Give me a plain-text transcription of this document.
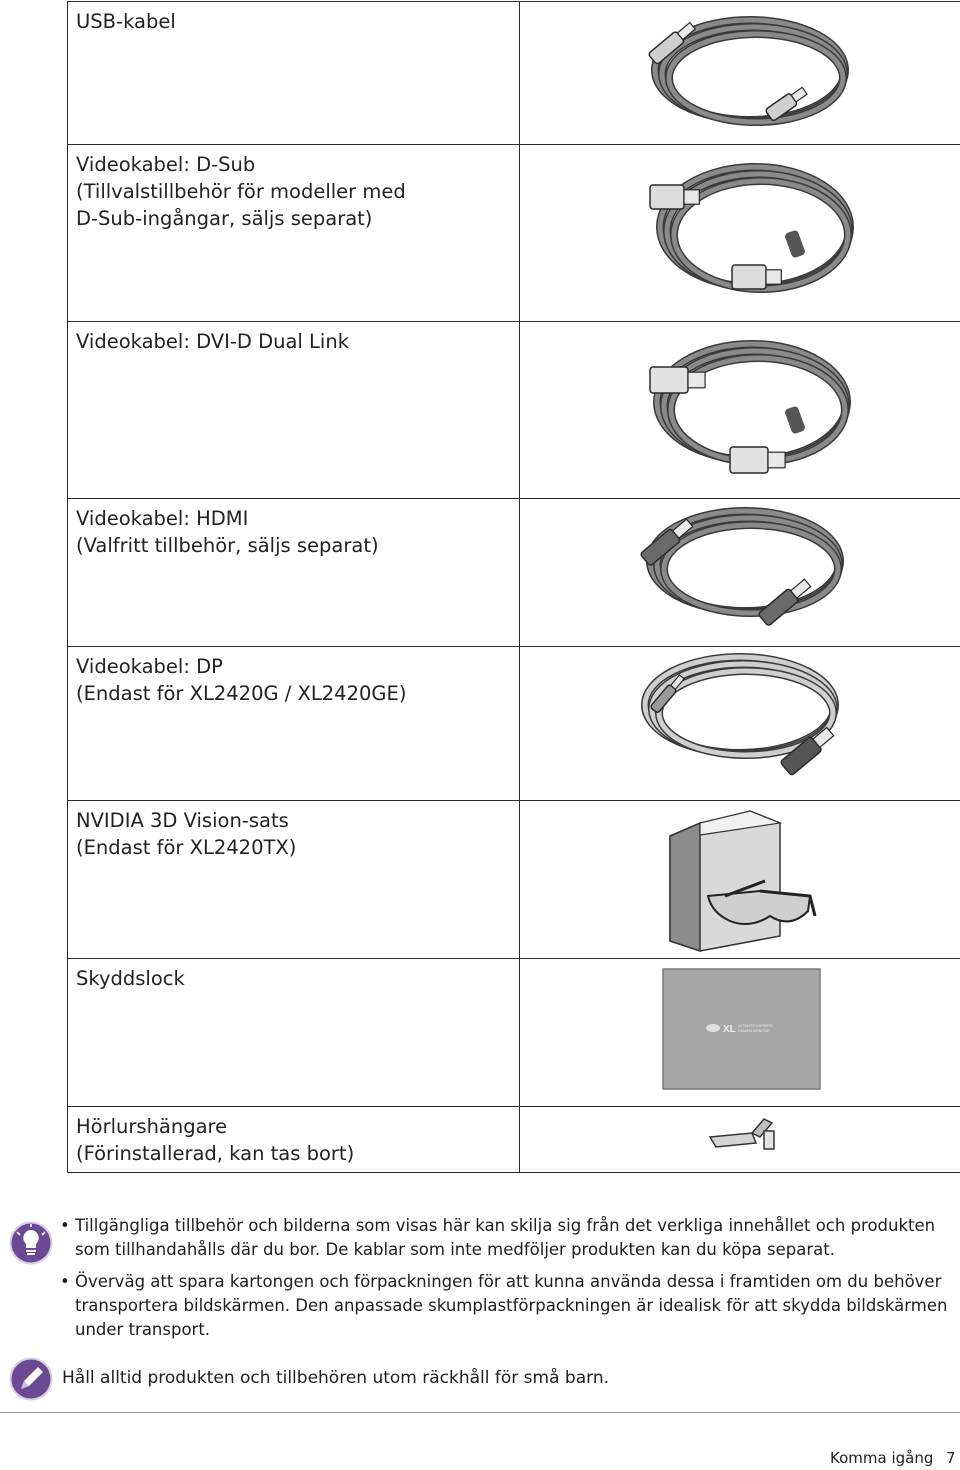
USB-kabel

Videokabel: D-Sub
(Tillvalstillbehör för modeller med
D-Sub-ingångar, säljs separat)

Videokabel: DVI-D Dual Link

Videokabel: HDMI
(Valfritt tillbehör, säljs separat)

Videokabel: DP
(Endast för XL2420G / XL2420GE)

NVIDIA 3D Vision-sats
(Endast för XL2420TX)

Skyddslock	XL ULTIMATE ESPORTS
GAMING MONITOR

Hörlurshängare
(Förinstallerad, kan tas bort)

• Tillgängliga tillbehör och bilderna som visas här kan skilja sig från det verkliga innehållet och produkten som tillhandahålls där du bor. De kablar som inte medföljer produkten kan du köpa separat.
• Överväg att spara kartongen och förpackningen för att kunna använda dessa i framtiden om du behöver transportera bildskärmen. Den anpassade skumplastförpackningen är idealisk för att skydda bildskärmen under transport.
Håll alltid produkten och tillbehören utom räckhåll för små barn.
Komma igång 7
